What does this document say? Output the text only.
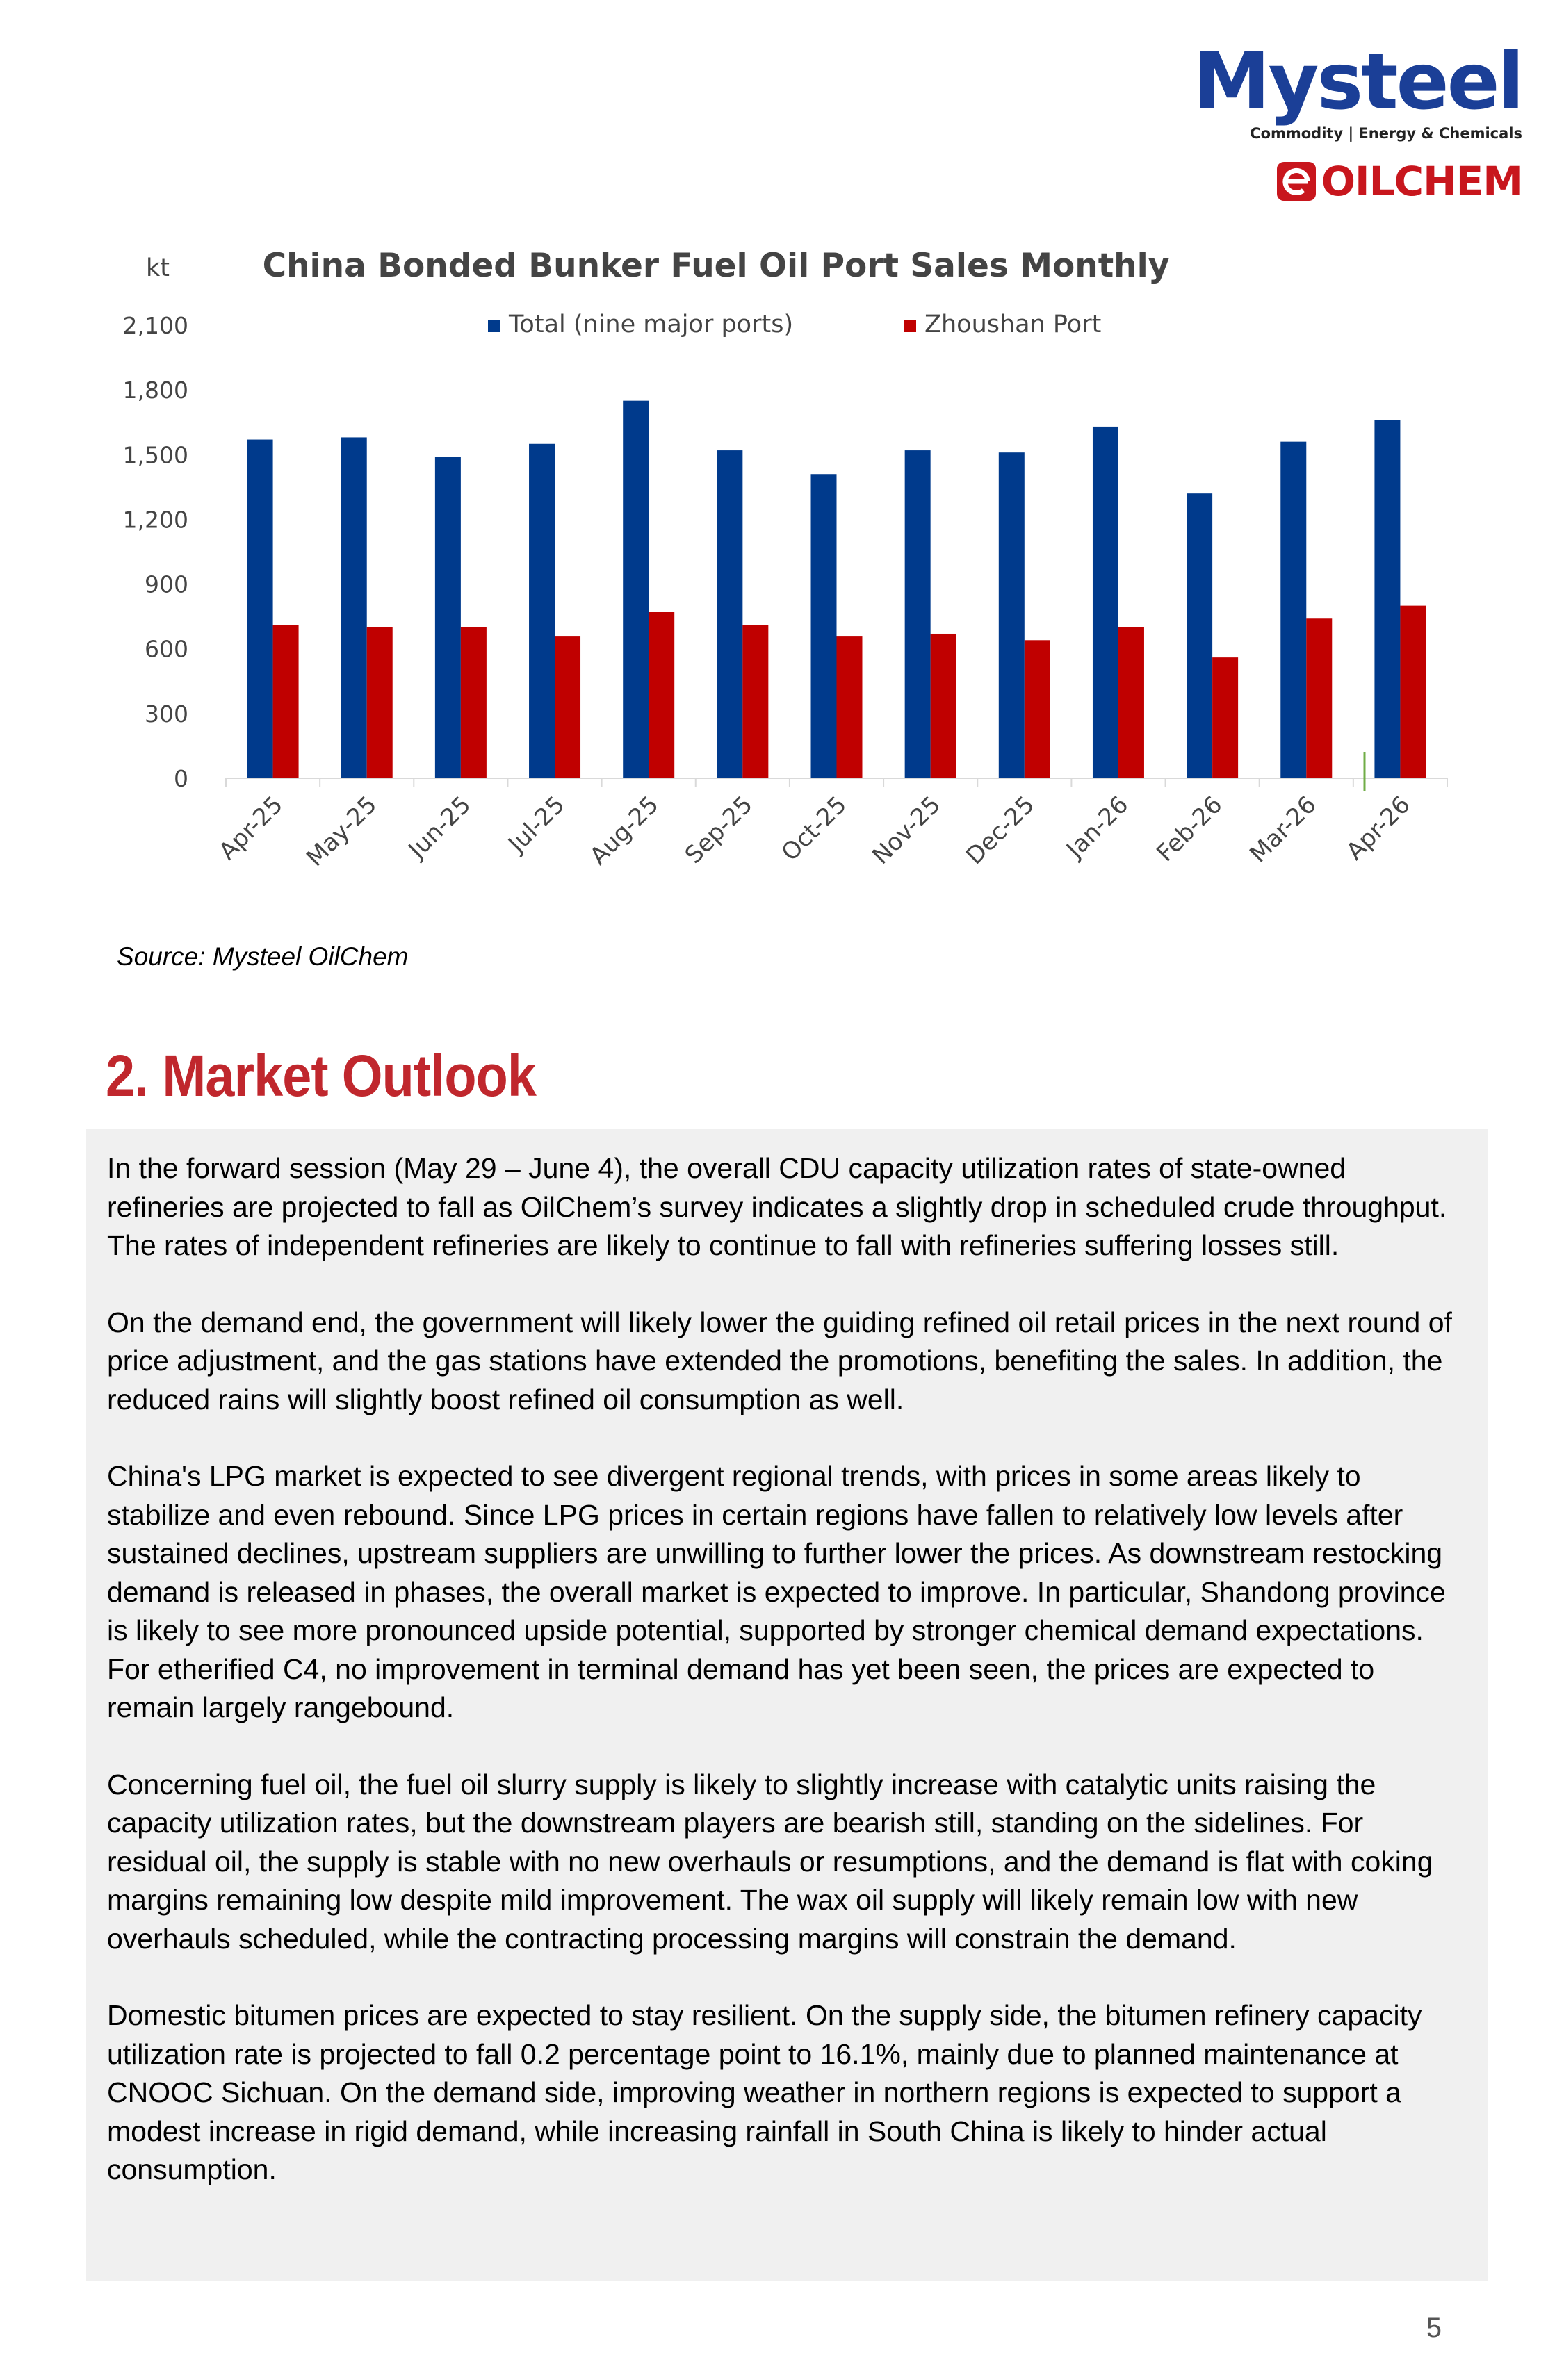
Mysteel
Commodity | Energy & Chemicals
OILCHEM
China Bonded Bunker Fuel Oil Port Sales Monthly
kt
Total (nine major ports)	Zhoushan Port
0
300
600
900
1,200
1,500
1,800
2,100
Apr-25 May-25 Jun-25 Jul-25 Aug-25 Sep-25 Oct-25 Nov-25 Dec-25 Jan-26 Feb-26 Mar-26 Apr-26
Source: Mysteel OilChem
2. Market Outlook

In the forward session (May 29 – June 4), the overall CDU capacity utilization rates of state-owned refineries are projected to fall as OilChem’s survey indicates a slightly drop in scheduled crude throughput. The rates of independent refineries are likely to continue to fall with refineries suffering losses still.

On the demand end, the government will likely lower the guiding refined oil retail prices in the next round of price adjustment, and the gas stations have extended the promotions, benefiting the sales. In addition, the reduced rains will slightly boost refined oil consumption as well.

China's LPG market is expected to see divergent regional trends, with prices in some areas likely to stabilize and even rebound. Since LPG prices in certain regions have fallen to relatively low levels after sustained declines, upstream suppliers are unwilling to further lower the prices. As downstream restocking demand is released in phases, the overall market is expected to improve. In particular, Shandong province is likely to see more pronounced upside potential, supported by stronger chemical demand expectations. For etherified C4, no improvement in terminal demand has yet been seen, the prices are expected to remain largely rangebound.

Concerning fuel oil, the fuel oil slurry supply is likely to slightly increase with catalytic units raising the capacity utilization rates, but the downstream players are bearish still, standing on the sidelines. For residual oil, the supply is stable with no new overhauls or resumptions, and the demand is flat with coking margins remaining low despite mild improvement. The wax oil supply will likely remain low with new overhauls scheduled, while the contracting processing margins will constrain the demand.

Domestic bitumen prices are expected to stay resilient. On the supply side, the bitumen refinery capacity utilization rate is projected to fall 0.2 percentage point to 16.1%, mainly due to planned maintenance at CNOOC Sichuan. On the demand side, improving weather in northern regions is expected to support a modest increase in rigid demand, while increasing rainfall in South China is likely to hinder actual consumption.

5
